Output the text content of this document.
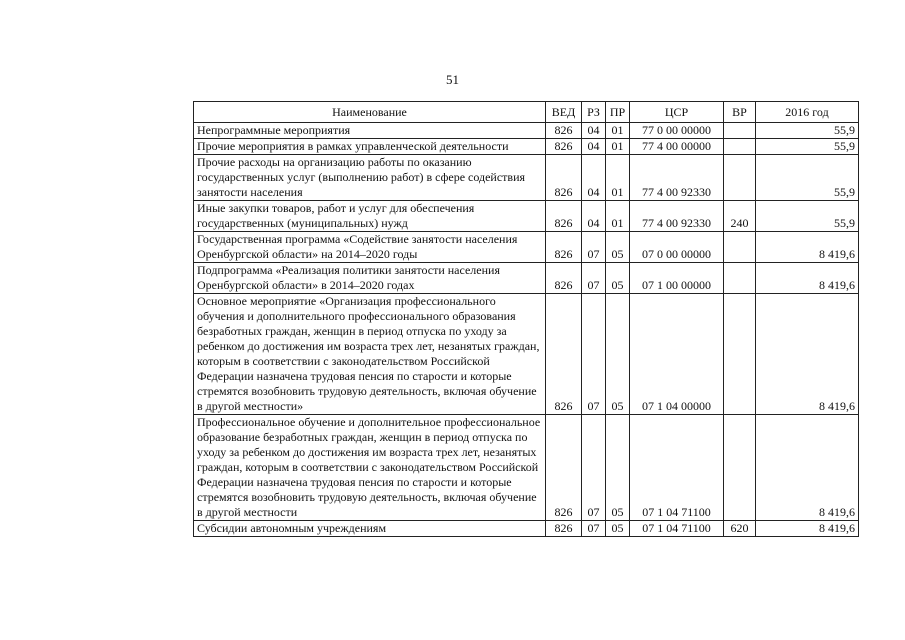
51
Наименование	ВЕД	РЗ	ПР	ЦСР	ВР	2016 год
Непрограммные мероприятия	826	04	01	77 0 00 00000		55,9
Прочие мероприятия в рамках управленческой деятельности	826	04	01	77 4 00 00000		55,9
Прочие расходы на организацию работы по оказанию государственных услуг (выполнению работ) в сфере содействия занятости населения	826	04	01	77 4 00 92330		55,9
Иные закупки товаров, работ и услуг для обеспечения государственных (муниципальных) нужд	826	04	01	77 4 00 92330	240	55,9
Государственная программа «Содействие занятости населения Оренбургской области» на 2014–2020 годы	826	07	05	07 0 00 00000		8 419,6
Подпрограмма «Реализация политики занятости населения Оренбургской области» в 2014–2020 годах	826	07	05	07 1 00 00000		8 419,6
Основное мероприятие «Организация профессионального обучения и дополнительного профессионального образования безработных граждан, женщин в период отпуска по уходу за ребенком до достижения им возраста трех лет, незанятых граждан, которым в соответствии с законодательством Российской Федерации назначена трудовая пенсия по старости и которые стремятся возобновить трудовую деятельность, включая обучение в другой местности»	826	07	05	07 1 04 00000		8 419,6
Профессиональное обучение и дополнительное профессиональное образование безработных граждан, женщин в период отпуска по уходу за ребенком до достижения им возраста трех лет, незанятых граждан, которым в соответствии с законодательством Российской Федерации назначена трудовая пенсия по старости и которые стремятся возобновить трудовую деятельность, включая обучение в другой местности	826	07	05	07 1 04 71100		8 419,6
Субсидии автономным учреждениям	826	07	05	07 1 04 71100	620	8 419,6
